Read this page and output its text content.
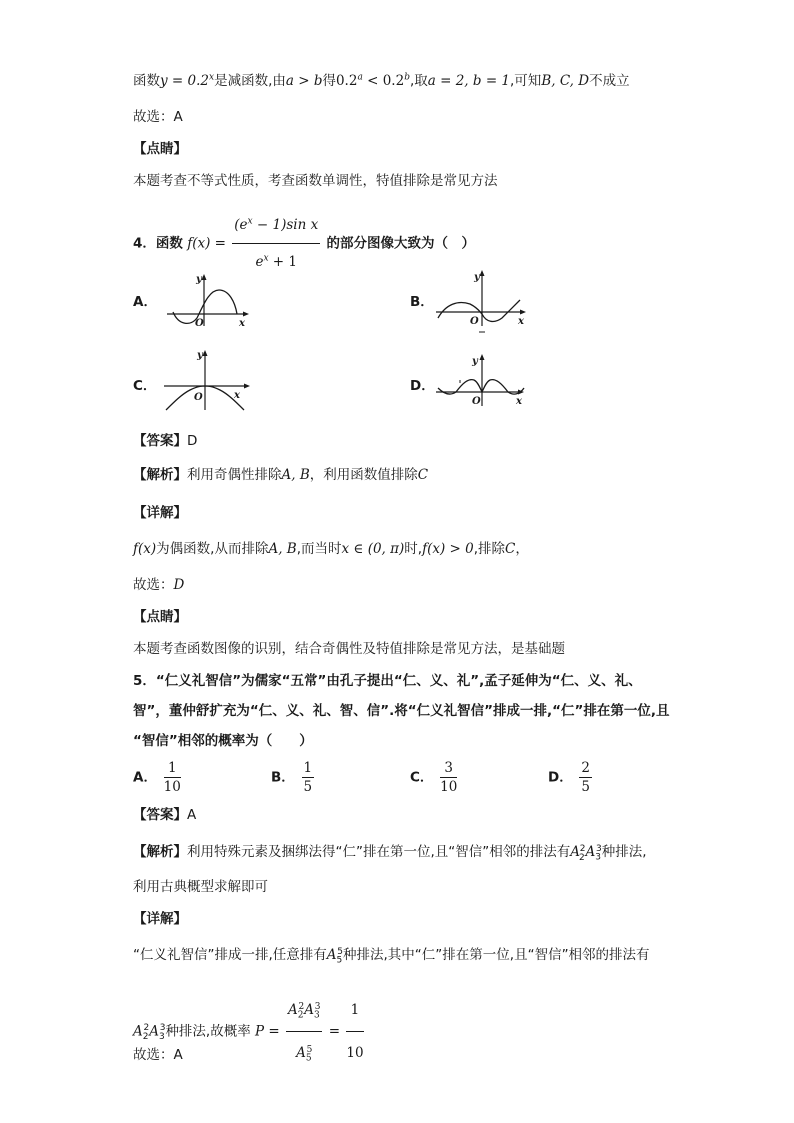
函数$y = 0.2^x$是减函数,由a > b得0.2$^a$ < 0.2$^b$,取a = 2, b = 1,可知B, C, D不成立
故选：A
【点睛】
本题考查不等式性质，考查函数单调性，特值排除是常见方法
4．函数 $f(x) = \frac{(e^x - 1)\sin x}{e^x + 1}$ 的部分图像大致为（　）
A．
y
x
O
B．
y
x
O
C．
y
x
O
D．
y
x
O
【答案】D
【解析】利用奇偶性排除A, B，利用函数值排除C
【详解】
f(x)为偶函数,从而排除A, B,而当时x ∈ (0, π)时,f(x) > 0,排除C，
故选：D
【点睛】
本题考查函数图像的识别，结合奇偶性及特值排除是常见方法，是基础题
5．“仁义礼智信”为儒家“五常”由孔子提出“仁、义、礼”,孟子延伸为“仁、义、礼、
智”，董仲舒扩充为“仁、义、礼、智、信”.将“仁义礼智信”排成一排,“仁”排在第一位,且
“智信”相邻的概率为（　　）
A． $\frac{1}{10}$	B． $\frac{1}{5}$	C． $\frac{3}{10}$	D． $\frac{2}{5}$
【答案】A
【解析】利用特殊元素及捆绑法得“仁”排在第一位,且“智信”相邻的排法有$A_2^2A_3^3$种排法,
利用古典概型求解即可
【详解】
“仁义礼智信”排成一排,任意排有$A_5^5$种排法,其中“仁”排在第一位,且“智信”相邻的排法有
$A_2^2A_3^3$种排法,故概率 $P = \frac{A_2^2A_3^3}{A_5^5} = \frac{1}{10}$
故选：A
